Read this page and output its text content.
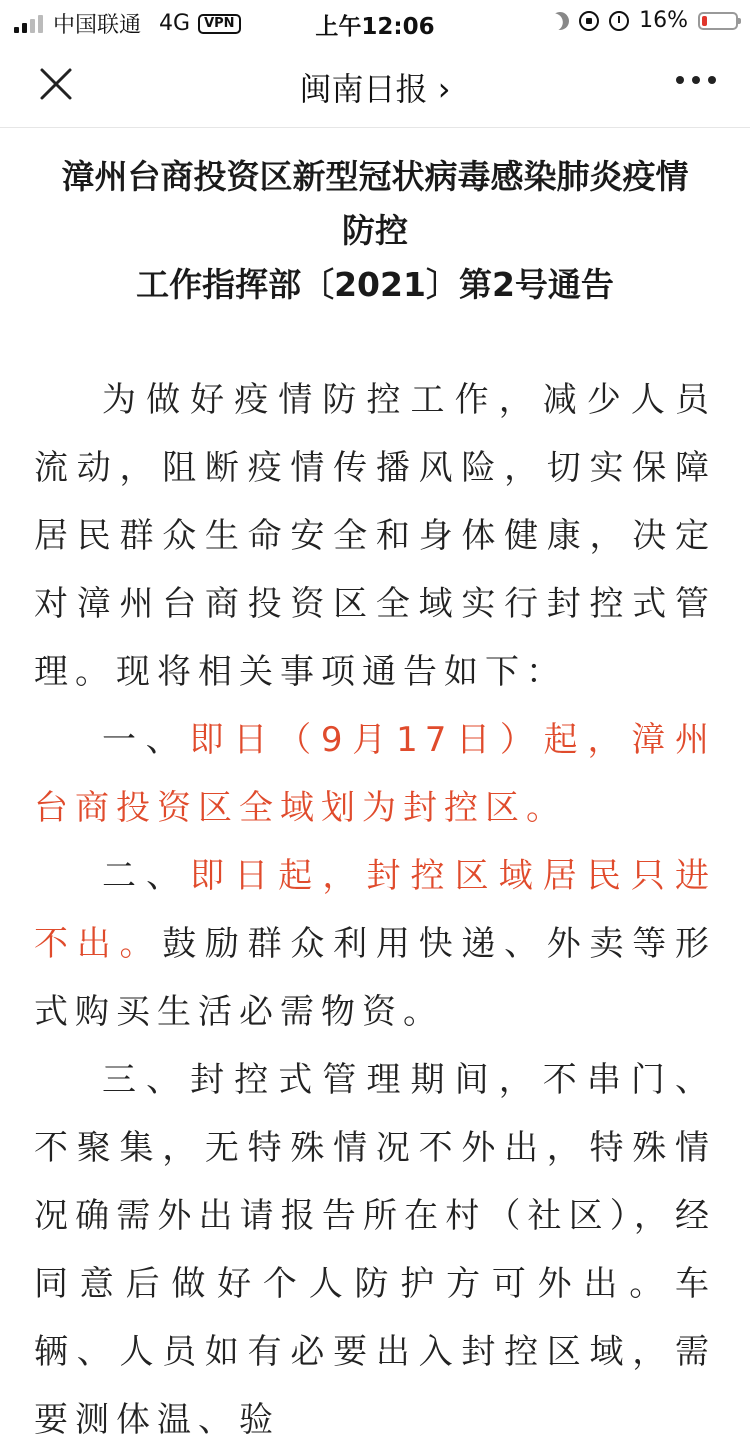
中国联通 4G	VPN	上午12:06	16%
闽南日报 ›
漳州台商投资区新型冠状病毒感染肺炎疫情
防控
工作指挥部〔2021〕第2号通告

为做好疫情防控工作，减少人员流动，阻断疫情传播风险，切实保障居民群众生命安全和身体健康，决定对漳州台商投资区全域实行封控式管理。现将相关事项通告如下：

一、即日（9月17日）起，漳州台商投资区全域划为封控区。

二、即日起，封控区域居民只进不出。鼓励群众利用快递、外卖等形式购买生活必需物资。

三、封控式管理期间，不串门、不聚集，无特殊情况不外出，特殊情况确需外出请报告所在村（社区），经同意后做好个人防护方可外出。车辆、人员如有必要出入封控区域，需要测体温、验
